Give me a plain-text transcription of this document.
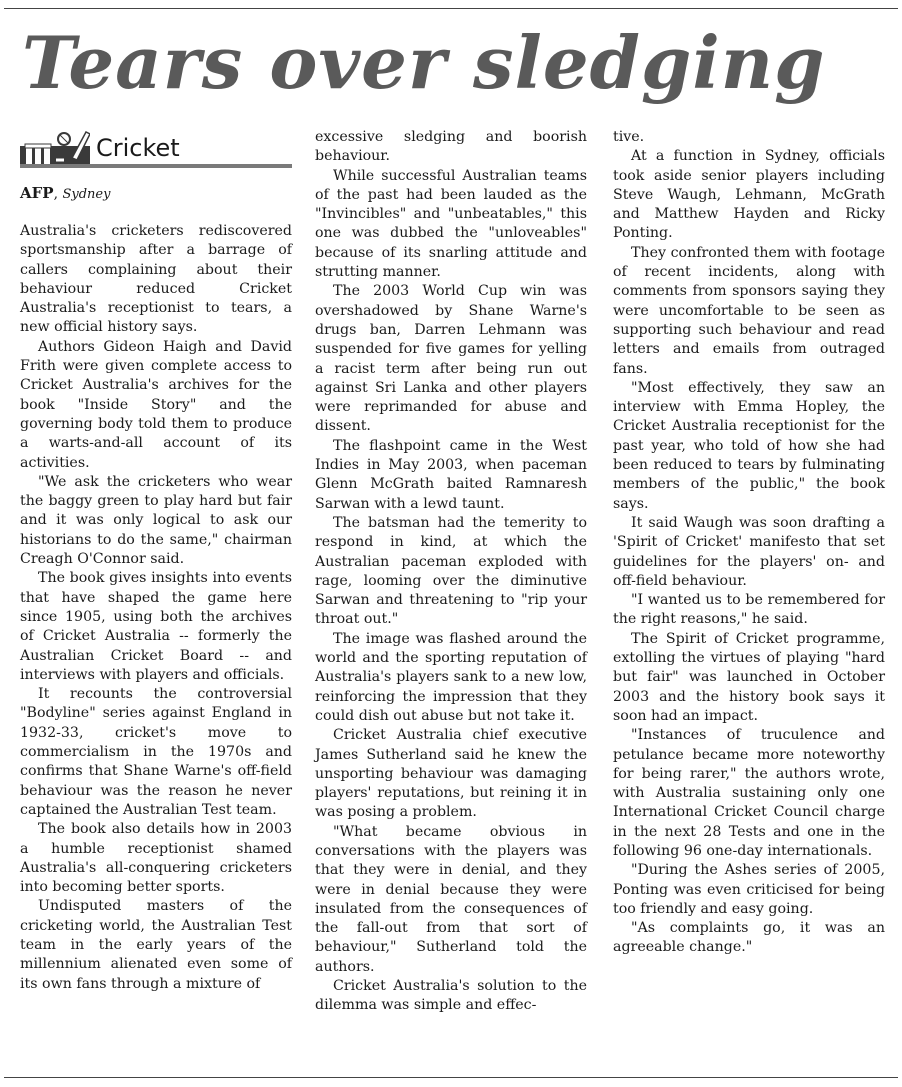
Tears over sledging
Cricket
AFP, Sydney

Australia's cricketers rediscovered sportsmanship after a barrage of callers complaining about their behaviour reduced Cricket Australia's receptionist to tears, a new official history says.

Authors Gideon Haigh and David Frith were given complete access to Cricket Australia's archives for the book "Inside Story" and the governing body told them to produce a warts-and-all account of its activities.

"We ask the cricketers who wear the baggy green to play hard but fair and it was only logical to ask our historians to do the same," chairman Creagh O'Connor said.

The book gives insights into events that have shaped the game here since 1905, using both the archives of Cricket Australia -- formerly the Australian Cricket Board -- and interviews with players and officials.

It recounts the controversial "Bodyline" series against England in 1932-33, cricket's move to commercialism in the 1970s and confirms that Shane Warne's off-field behaviour was the reason he never captained the Australian Test team.

The book also details how in 2003 a humble receptionist shamed Australia's all-conquering cricketers into becoming better sports.

Undisputed masters of the cricketing world, the Australian Test team in the early years of the millennium alienated even some of its own fans through a mixture of

excessive sledging and boorish behaviour.

While successful Australian teams of the past had been lauded as the "Invincibles" and "unbeatables," this one was dubbed the "unloveables" because of its snarling attitude and strutting manner.

The 2003 World Cup win was overshadowed by Shane Warne's drugs ban, Darren Lehmann was suspended for five games for yelling a racist term after being run out against Sri Lanka and other players were reprimanded for abuse and dissent.

The flashpoint came in the West Indies in May 2003, when paceman Glenn McGrath baited Ramnaresh Sarwan with a lewd taunt.

The batsman had the temerity to respond in kind, at which the Australian paceman exploded with rage, looming over the diminutive Sarwan and threatening to "rip your throat out."

The image was flashed around the world and the sporting reputation of Australia's players sank to a new low, reinforcing the impression that they could dish out abuse but not take it.

Cricket Australia chief executive James Sutherland said he knew the unsporting behaviour was damaging players' reputations, but reining it in was posing a problem.

"What became obvious in conversations with the players was that they were in denial, and they were in denial because they were insulated from the consequences of the fall-out from that sort of behaviour," Sutherland told the authors.

Cricket Australia's solution to the dilemma was simple and effec-

tive.

At a function in Sydney, officials took aside senior players including Steve Waugh, Lehmann, McGrath and Matthew Hayden and Ricky Ponting.

They confronted them with footage of recent incidents, along with comments from sponsors saying they were uncomfortable to be seen as supporting such behaviour and read letters and emails from outraged fans.

"Most effectively, they saw an interview with Emma Hopley, the Cricket Australia receptionist for the past year, who told of how she had been reduced to tears by fulminating members of the public," the book says.

It said Waugh was soon drafting a 'Spirit of Cricket' manifesto that set guidelines for the players' on- and off-field behaviour.

"I wanted us to be remembered for the right reasons," he said.

The Spirit of Cricket programme, extolling the virtues of playing "hard but fair" was launched in October 2003 and the history book says it soon had an impact.

"Instances of truculence and petulance became more noteworthy for being rarer," the authors wrote, with Australia sustaining only one International Cricket Council charge in the next 28 Tests and one in the following 96 one-day internationals.

"During the Ashes series of 2005, Ponting was even criticised for being too friendly and easy going.

"As complaints go, it was an agreeable change."
